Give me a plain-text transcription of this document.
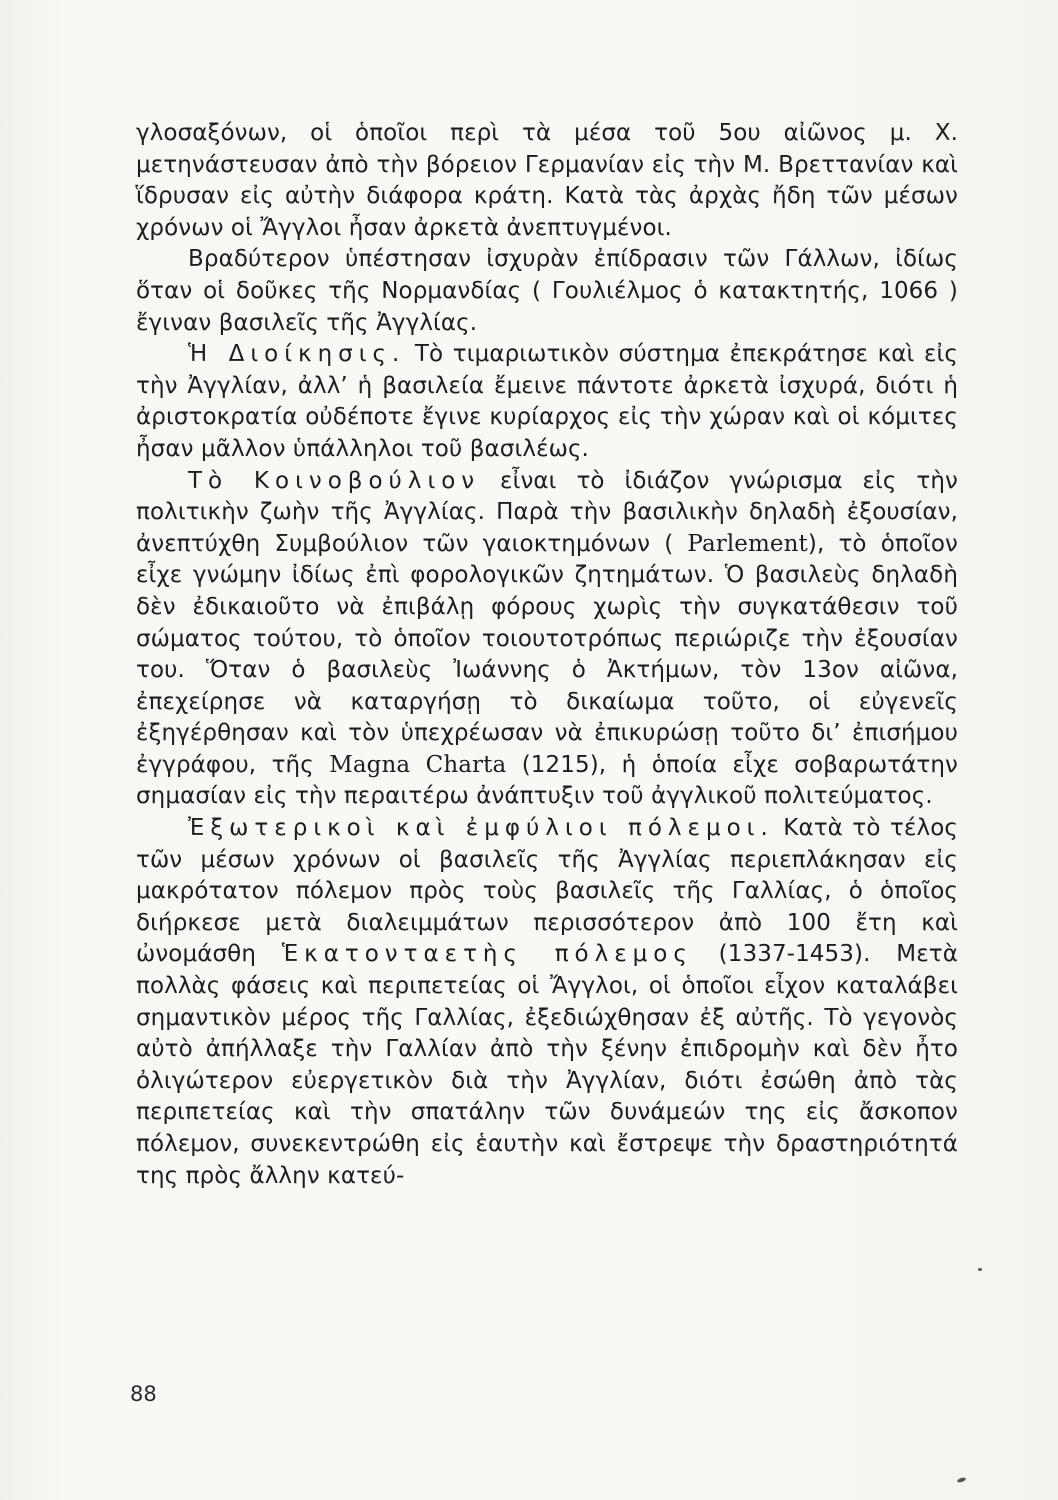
γλοσαξόνων, οἱ ὁποῖοι περὶ τὰ μέσα τοῦ 5ου αἰῶνος μ. Χ. μετηνάστευσαν ἀπὸ τὴν βόρειον Γερμανίαν εἰς τὴν Μ. Βρεττανίαν καὶ ἵδρυσαν εἰς αὐτὴν διάφορα κράτη. Κατὰ τὰς ἀρχὰς ἤδη τῶν μέσων χρόνων οἱ Ἄγγλοι ἦσαν ἀρκετὰ ἀνεπτυγμένοι.

Βραδύτερον ὑπέστησαν ἰσχυρὰν ἐπίδρασιν τῶν Γάλλων, ἰδίως ὅταν οἱ δοῦκες τῆς Νορμανδίας ( Γουλιέλμος ὁ κατακτητής, 1066 ) ἔγιναν βασιλεῖς τῆς Ἀγγλίας.

Ἡ Διοίκησις. Τὸ τιμαριωτικὸν σύστημα ἐπεκράτησε καὶ εἰς τὴν Ἀγγλίαν, ἀλλ’ ἡ βασιλεία ἔμεινε πάντοτε ἀρκετὰ ἰσχυρά, διότι ἡ ἀριστοκρατία οὐδέποτε ἔγινε κυρίαρχος εἰς τὴν χώραν καὶ οἱ κόμιτες ἦσαν μᾶλλον ὑπάλληλοι τοῦ βασιλέως.

Τὸ Κοινοβούλιον εἶναι τὸ ἰδιάζον γνώρισμα εἰς τὴν πολιτικὴν ζωὴν τῆς Ἀγγλίας. Παρὰ τὴν βασιλικὴν δηλαδὴ ἐξουσίαν, ἀνεπτύχθη Συμβούλιον τῶν γαιοκτημόνων ( Parlement), τὸ ὁποῖον εἶχε γνώμην ἰδίως ἐπὶ φορολογικῶν ζητημάτων. Ὁ βασιλεὺς δηλαδὴ δὲν ἐδικαιοῦτο νὰ ἐπιβάλῃ φόρους χωρὶς τὴν συγκατάθεσιν τοῦ σώματος τούτου, τὸ ὁποῖον τοιουτοτρόπως περιώριζε τὴν ἐξουσίαν του. Ὅταν ὁ βασιλεὺς Ἰωάννης ὁ Ἀκτήμων, τὸν 13ον αἰῶνα, ἐπεχείρησε νὰ καταργήσῃ τὸ δικαίωμα τοῦτο, οἱ εὐγενεῖς ἐξηγέρθησαν καὶ τὸν ὑπεχρέωσαν νὰ ἐπικυρώσῃ τοῦτο δι’ ἐπισήμου ἐγγράφου, τῆς Magna Charta (1215), ἡ ὁποία εἶχε σοβαρωτάτην σημασίαν εἰς τὴν περαιτέρω ἀνάπτυξιν τοῦ ἀγγλικοῦ πολιτεύματος.

Ἐξωτερικοὶ καὶ ἐμφύλιοι πόλεμοι. Κατὰ τὸ τέλος τῶν μέσων χρόνων οἱ βασιλεῖς τῆς Ἀγγλίας περιεπλάκησαν εἰς μακρότατον πόλεμον πρὸς τοὺς βασιλεῖς τῆς Γαλλίας, ὁ ὁποῖος διήρκεσε μετὰ διαλειμμάτων περισσότερον ἀπὸ 100 ἔτη καὶ ὠνομάσθη Ἑκατονταετὴς πόλεμος (1337-1453). Μετὰ πολλὰς φάσεις καὶ περιπετείας οἱ Ἄγγλοι, οἱ ὁποῖοι εἶχον καταλάβει σημαντικὸν μέρος τῆς Γαλλίας, ἐξεδιώχθησαν ἐξ αὐτῆς. Τὸ γεγονὸς αὐτὸ ἀπήλλαξε τὴν Γαλλίαν ἀπὸ τὴν ξένην ἐπιδρομὴν καὶ δὲν ἦτο ὀλιγώτερον εὐεργετικὸν διὰ τὴν Ἀγγλίαν, διότι ἐσώθη ἀπὸ τὰς περιπετείας καὶ τὴν σπατάλην τῶν δυνάμεών της εἰς ἄσκοπον πόλεμον, συνεκεντρώθη εἰς ἑαυτὴν καὶ ἔστρεψε τὴν δραστηριότητά της πρὸς ἄλλην κατεύ-

88
